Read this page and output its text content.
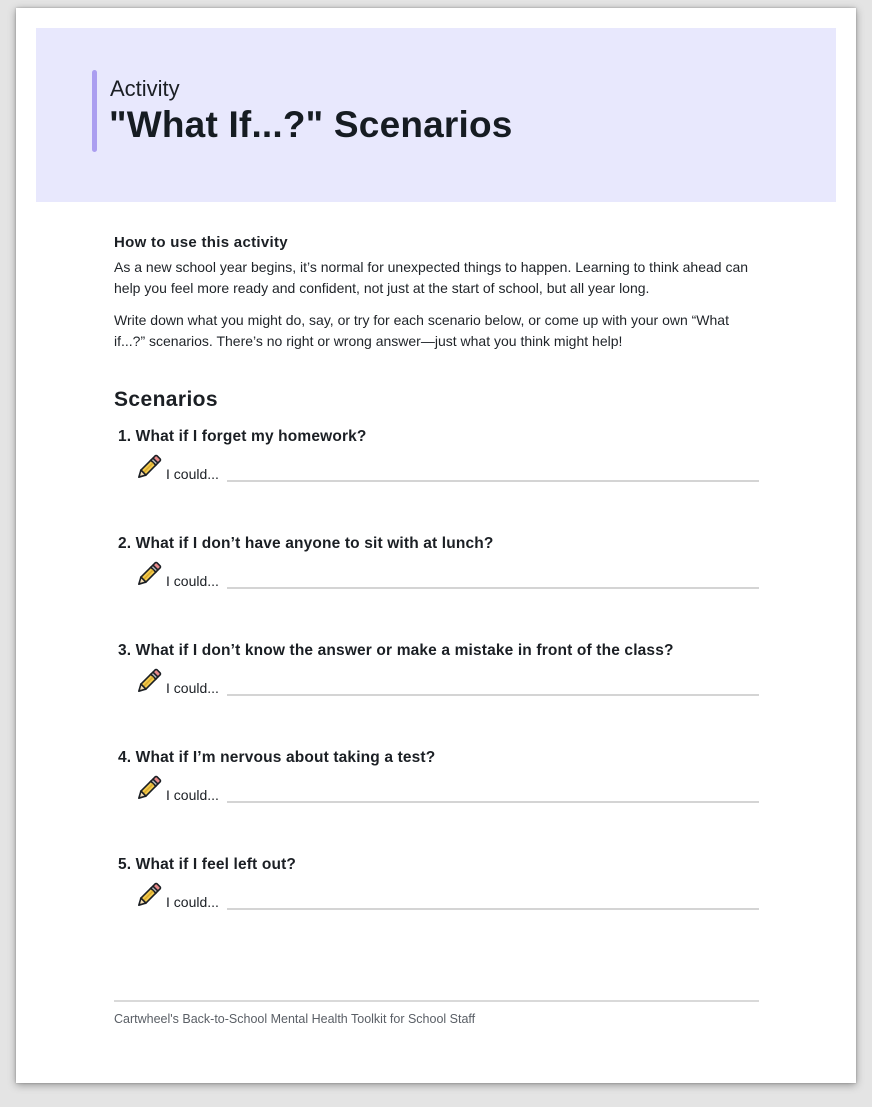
Activity
"What If...?" Scenarios
How to use this activity

As a new school year begins, it’s normal for unexpected things to happen. Learning to think ahead can help you feel more ready and confident, not just at the start of school, but all year long.

Write down what you might do, say, or try for each scenario below, or come up with your own “What if...?” scenarios. There’s no right or wrong answer—just what you think might help!

Scenarios
1. What if I forget my homework?
I could...
2. What if I don’t have anyone to sit with at lunch?
I could...
3. What if I don’t know the answer or make a mistake in front of the class?
I could...
4. What if I’m nervous about taking a test?
I could...
5. What if I feel left out?
I could...
Cartwheel's Back-to-School Mental Health Toolkit for School Staff
